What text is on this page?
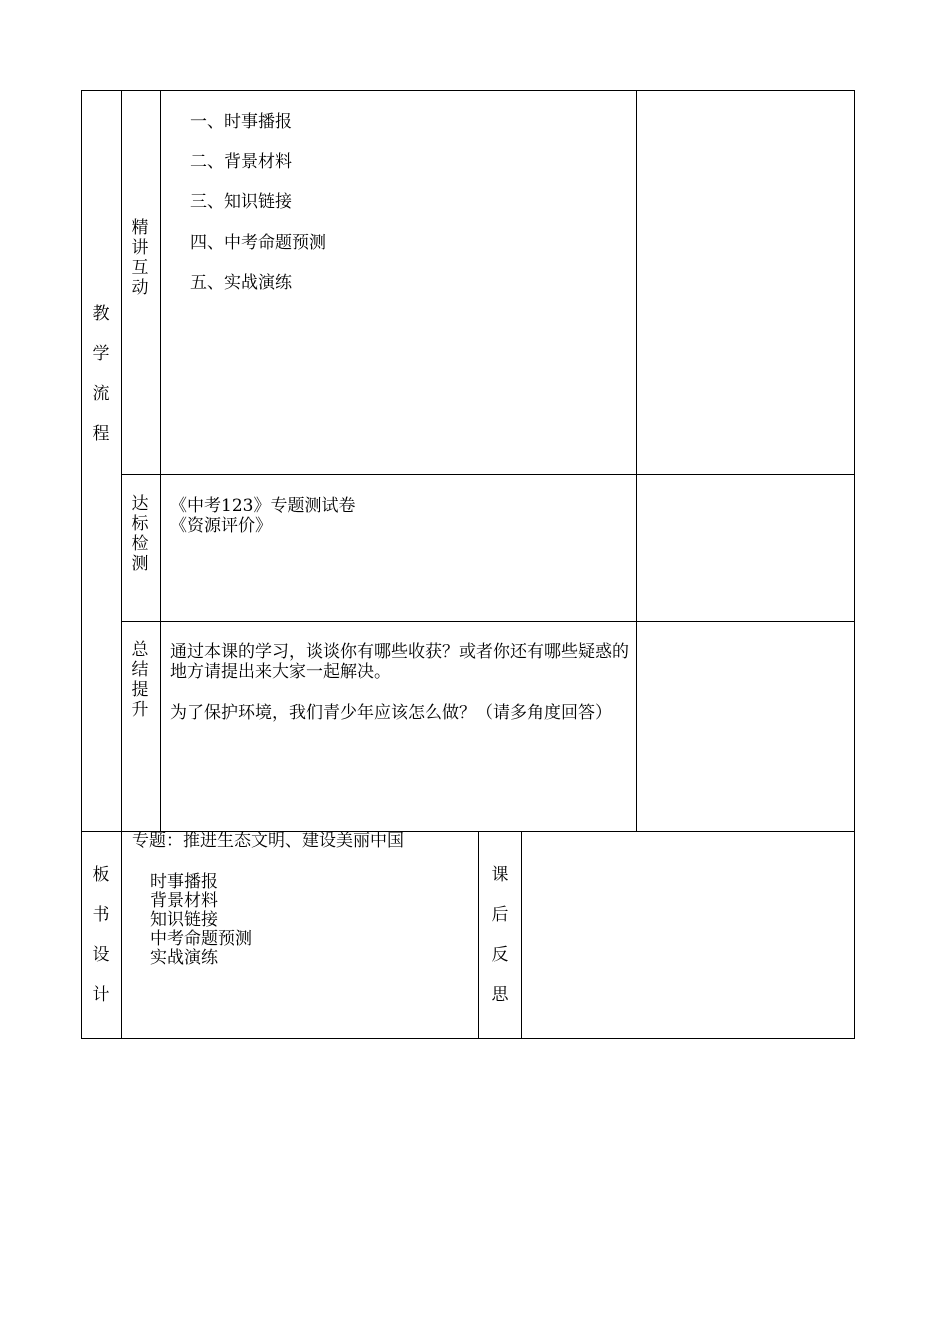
教
学
流
程
精
讲
互
动
一、时事播报
二、背景材料
三、知识链接
四、中考命题预测
五、实战演练
达
标
检
测
《中考123》专题测试卷
《资源评价》
总
结
提
升
通过本课的学习，谈谈你有哪些收获？或者你还有哪些疑惑的地方请提出来大家一起解决。
为了保护环境，我们青少年应该怎么做？（请多角度回答）
板
书
设
计
专题：推进生态文明、建设美丽中国
时事播报
背景材料
知识链接
中考命题预测
实战演练
课
后
反
思
